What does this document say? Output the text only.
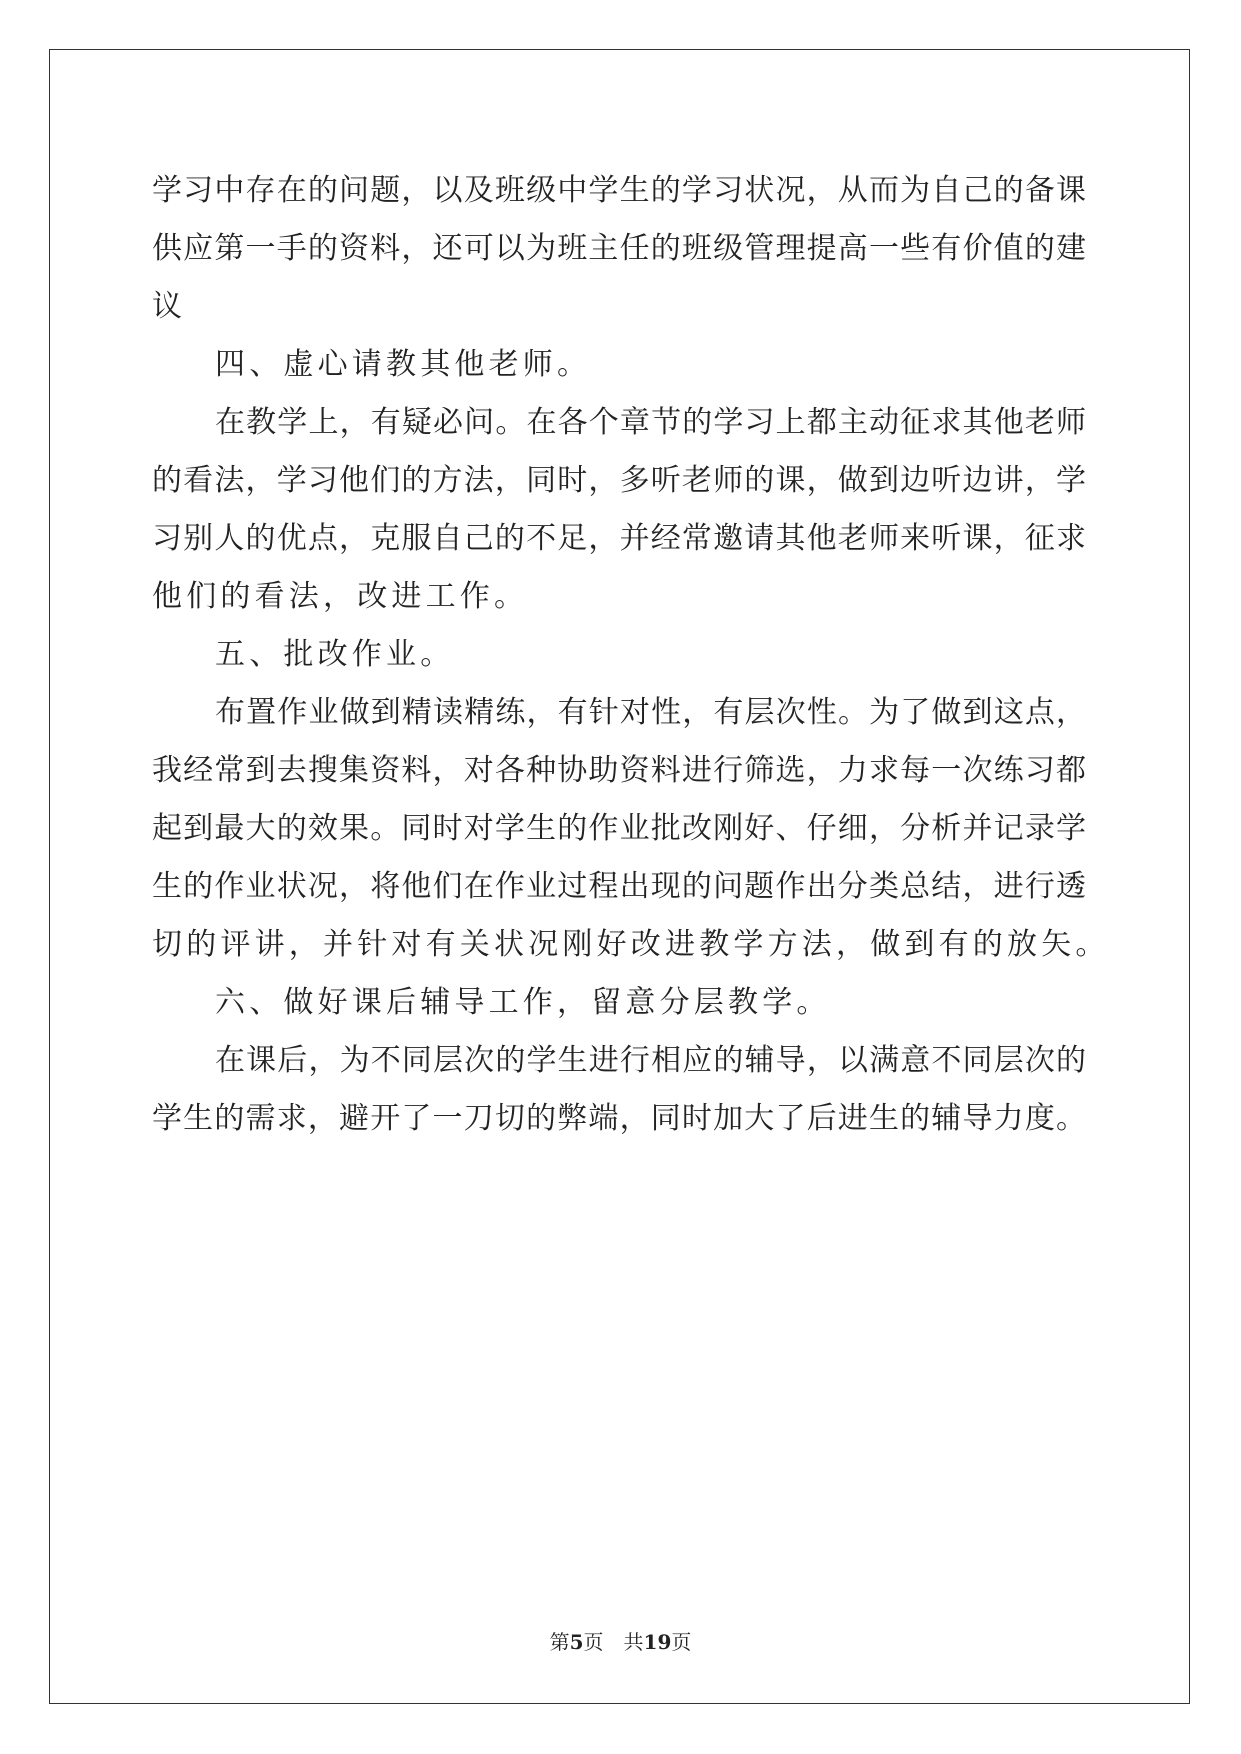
学习中存在的问题，以及班级中学生的学习状况，从而为自己的备课
供应第一手的资料，还可以为班主任的班级管理提高一些有价值的建
议
四、虚心请教其他老师。
在教学上，有疑必问。在各个章节的学习上都主动征求其他老师
的看法，学习他们的方法，同时，多听老师的课，做到边听边讲，学
习别人的优点，克服自己的不足，并经常邀请其他老师来听课，征求
他们的看法，改进工作。
五、批改作业。
布置作业做到精读精练，有针对性，有层次性。为了做到这点，
我经常到去搜集资料，对各种协助资料进行筛选，力求每一次练习都
起到最大的效果。同时对学生的作业批改刚好、仔细，分析并记录学
生的作业状况，将他们在作业过程出现的问题作出分类总结，进行透
切的评讲，并针对有关状况刚好改进教学方法，做到有的放矢。
六、做好课后辅导工作，留意分层教学。
在课后，为不同层次的学生进行相应的辅导，以满意不同层次的
学生的需求，避开了一刀切的弊端，同时加大了后进生的辅导力度。
第5页 共19页
